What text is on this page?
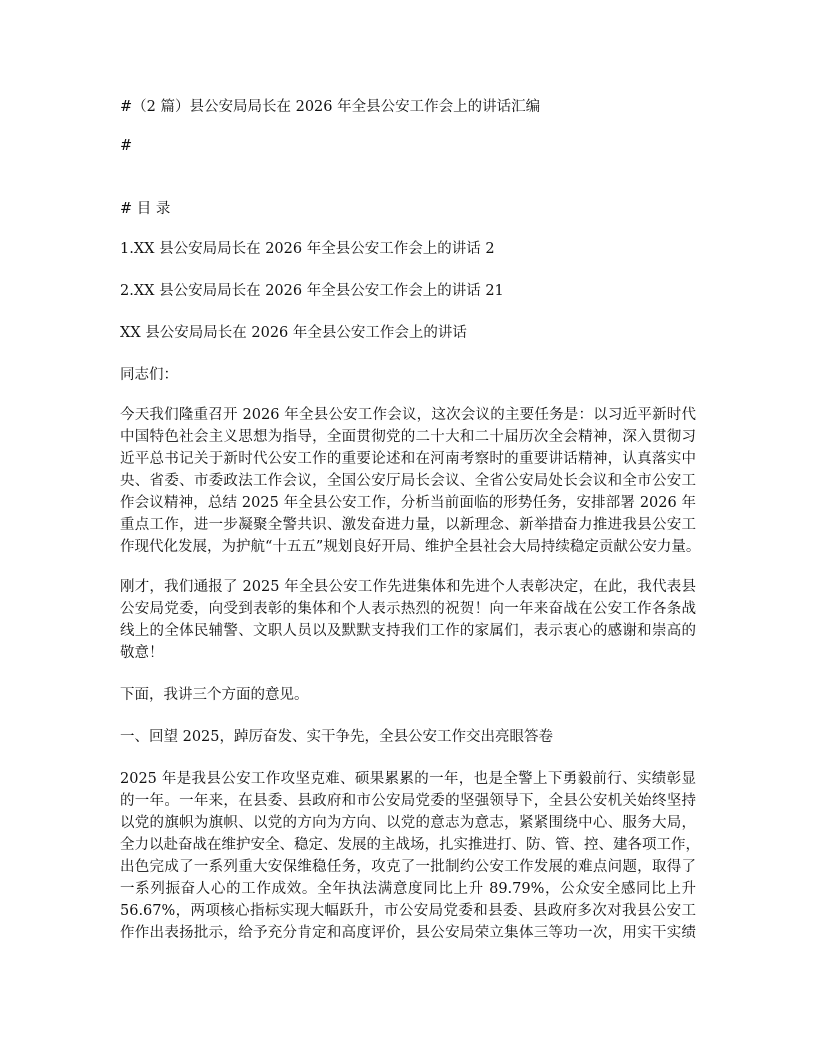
#（2 篇）县公安局局长在 2026 年全县公安工作会上的讲话汇编
#
# 目 录
1.XX 县公安局局长在 2026 年全县公安工作会上的讲话 2
2.XX 县公安局局长在 2026 年全县公安工作会上的讲话 21
XX 县公安局局长在 2026 年全县公安工作会上的讲话
同志们：
今天我们隆重召开 2026 年全县公安工作会议，这次会议的主要任务是：以习近平新时代
中国特色社会主义思想为指导，全面贯彻党的二十大和二十届历次全会精神，深入贯彻习
近平总书记关于新时代公安工作的重要论述和在河南考察时的重要讲话精神，认真落实中
央、省委、市委政法工作会议，全国公安厅局长会议、全省公安局处长会议和全市公安工
作会议精神，总结 2025 年全县公安工作，分析当前面临的形势任务，安排部署 2026 年
重点工作，进一步凝聚全警共识、激发奋进力量，以新理念、新举措奋力推进我县公安工
作现代化发展，为护航“十五五”规划良好开局、维护全县社会大局持续稳定贡献公安力量。
刚才，我们通报了 2025 年全县公安工作先进集体和先进个人表彰决定，在此，我代表县
公安局党委，向受到表彰的集体和个人表示热烈的祝贺！向一年来奋战在公安工作各条战
线上的全体民辅警、文职人员以及默默支持我们工作的家属们，表示衷心的感谢和崇高的
敬意！
下面，我讲三个方面的意见。
一、回望 2025，踔厉奋发、实干争先，全县公安工作交出亮眼答卷
2025 年是我县公安工作攻坚克难、硕果累累的一年，也是全警上下勇毅前行、实绩彰显
的一年。一年来，在县委、县政府和市公安局党委的坚强领导下，全县公安机关始终坚持
以党的旗帜为旗帜、以党的方向为方向、以党的意志为意志，紧紧围绕中心、服务大局，
全力以赴奋战在维护安全、稳定、发展的主战场，扎实推进打、防、管、控、建各项工作，
出色完成了一系列重大安保维稳任务，攻克了一批制约公安工作发展的难点问题，取得了
一系列振奋人心的工作成效。全年执法满意度同比上升 89.79%，公众安全感同比上升
56.67%，两项核心指标实现大幅跃升，市公安局党委和县委、县政府多次对我县公安工
作作出表扬批示，给予充分肯定和高度评价，县公安局荣立集体三等功一次，用实干实绩
